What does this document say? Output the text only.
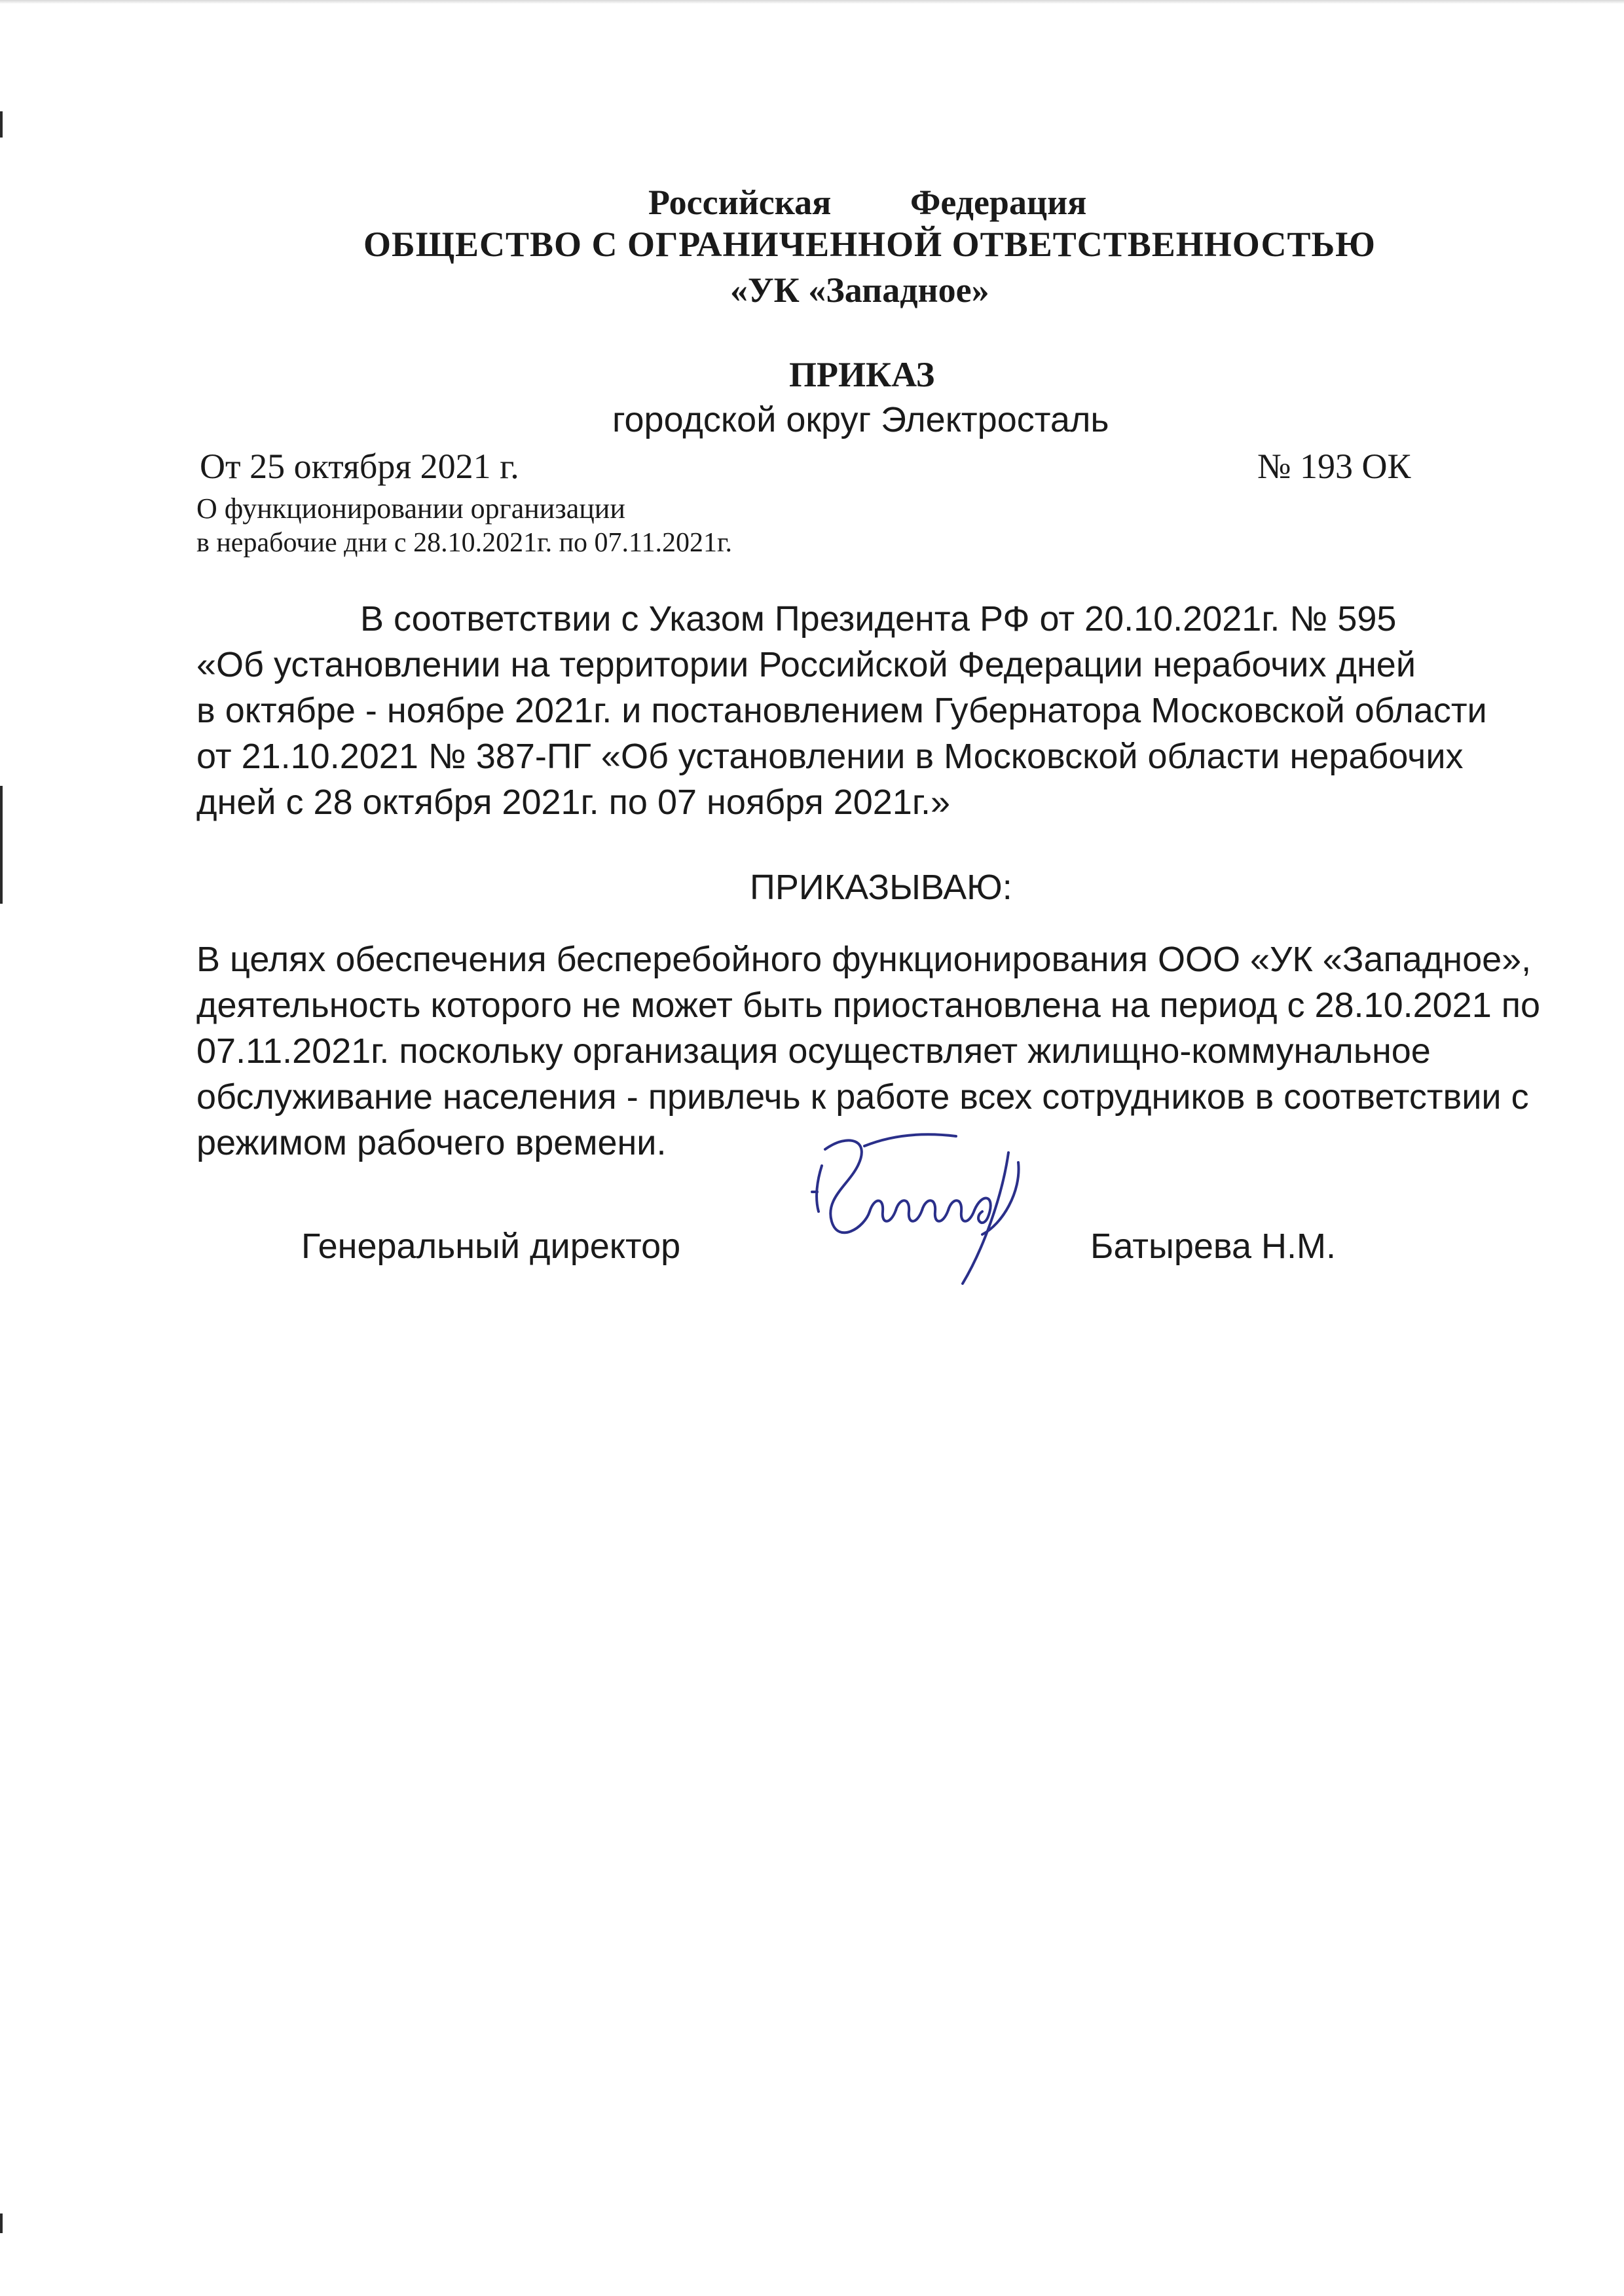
Российская Федерация
ОБЩЕСТВО С ОГРАНИЧЕННОЙ ОТВЕТСТВЕННОСТЬЮ
«УК «Западное»
ПРИКАЗ
городской округ Электросталь
От 25 октября 2021 г.	№ 193 ОК
О функционировании организации
в нерабочие дни с 28.10.2021г. по 07.11.2021г.
В соответствии с Указом Президента РФ от 20.10.2021г. № 595
«Об установлении на территории Российской Федерации нерабочих дней
в октябре - ноябре 2021г. и постановлением Губернатора Московской области
от 21.10.2021 № 387-ПГ «Об установлении в Московской области нерабочих
дней с 28 октября 2021г. по 07 ноября 2021г.»
ПРИКАЗЫВАЮ:
В целях обеспечения бесперебойного функционирования ООО «УК «Западное»,
деятельность которого не может быть приостановлена на период с 28.10.2021 по
07.11.2021г. поскольку организация осуществляет жилищно-коммунальное
обслуживание населения - привлечь к работе всех сотрудников в соответствии с
режимом рабочего времени.
Генеральный директор	Батырева Н.М.
